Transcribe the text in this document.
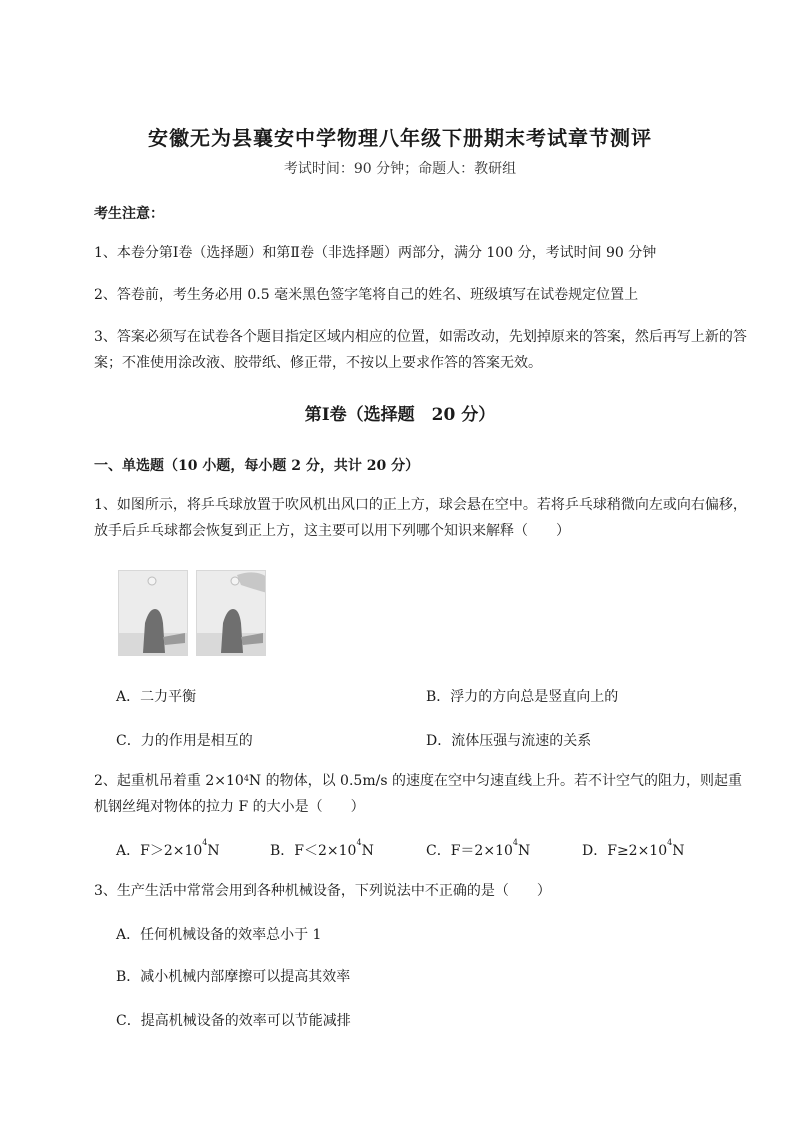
安徽无为县襄安中学物理八年级下册期末考试章节测评
考试时间：90 分钟；命题人：教研组
考生注意：
1、本卷分第Ⅰ卷（选择题）和第Ⅱ卷（非选择题）两部分，满分 100 分，考试时间 90 分钟
2、答卷前，考生务必用 0.5 毫米黑色签字笔将自己的姓名、班级填写在试卷规定位置上
3、答案必须写在试卷各个题目指定区域内相应的位置，如需改动，先划掉原来的答案，然后再写上新的答案；不准使用涂改液、胶带纸、修正带，不按以上要求作答的答案无效。
第Ⅰ卷（选择题　20 分）
一、单选题（10 小题，每小题 2 分，共计 20 分）
1、如图所示，将乒乓球放置于吹风机出风口的正上方，球会悬在空中。若将乒乓球稍微向左或向右偏移，放手后乒乓球都会恢复到正上方，这主要可以用下列哪个知识来解释（　　）
A．二力平衡	B．浮力的方向总是竖直向上的
C．力的作用是相互的	D．流体压强与流速的关系
2、起重机吊着重 $2\times 10^4N$ 的物体，以 0.5m/s 的速度在空中匀速直线上升。若不计空气的阻力，则起重机钢丝绳对物体的拉力 F 的大小是（　　）
A．$F>2\times 10^4N$	B．$F<2\times 10^4N$	C．$F=2\times 10^4N$	D．$F\ge 2\times 10^4N$
3、生产生活中常常会用到各种机械设备，下列说法中不正确的是（　　）
A．任何机械设备的效率总小于 1
B．减小机械内部摩擦可以提高其效率
C．提高机械设备的效率可以节能减排
